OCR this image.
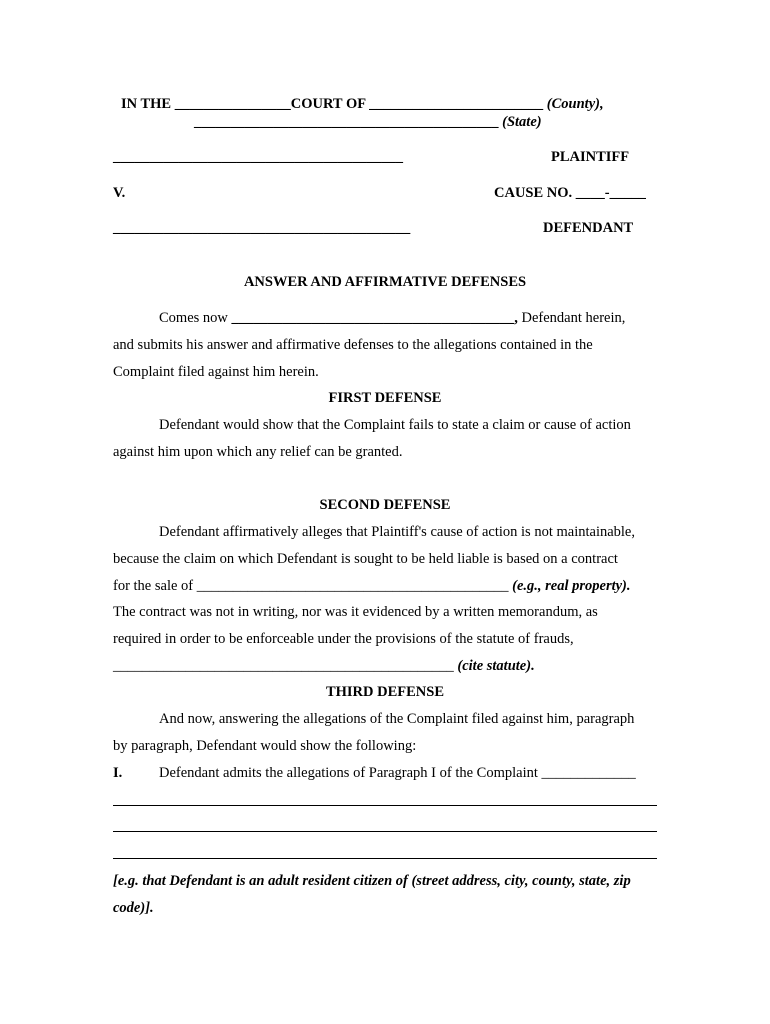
IN THE ________________COURT OF ________________________ (County),
__________________________________________ (State)
________________________________________	PLAINTIFF
V.	CAUSE NO. ____-_____
_________________________________________	DEFENDANT
ANSWER AND AFFIRMATIVE DEFENSES
Comes now _______________________________________, Defendant herein,
and submits his answer and affirmative defenses to the allegations contained in the
Complaint filed against him herein.
FIRST DEFENSE
Defendant would show that the Complaint fails to state a claim or cause of action
against him upon which any relief can be granted.
SECOND DEFENSE
Defendant affirmatively alleges that Plaintiff's cause of action is not maintainable,
because the claim on which Defendant is sought to be held liable is based on a contract
for the sale of ___________________________________________ (e.g., real property).
The contract was not in writing, nor was it evidenced by a written memorandum, as
required in order to be enforceable under the provisions of the statute of frauds,
_______________________________________________ (cite statute).
THIRD DEFENSE
And now, answering the allegations of the Complaint filed against him, paragraph
by paragraph, Defendant would show the following:
I.	Defendant admits the allegations of Paragraph I of the Complaint _____________
[e.g. that Defendant is an adult resident citizen of (street address, city, county, state, zip
code)].
